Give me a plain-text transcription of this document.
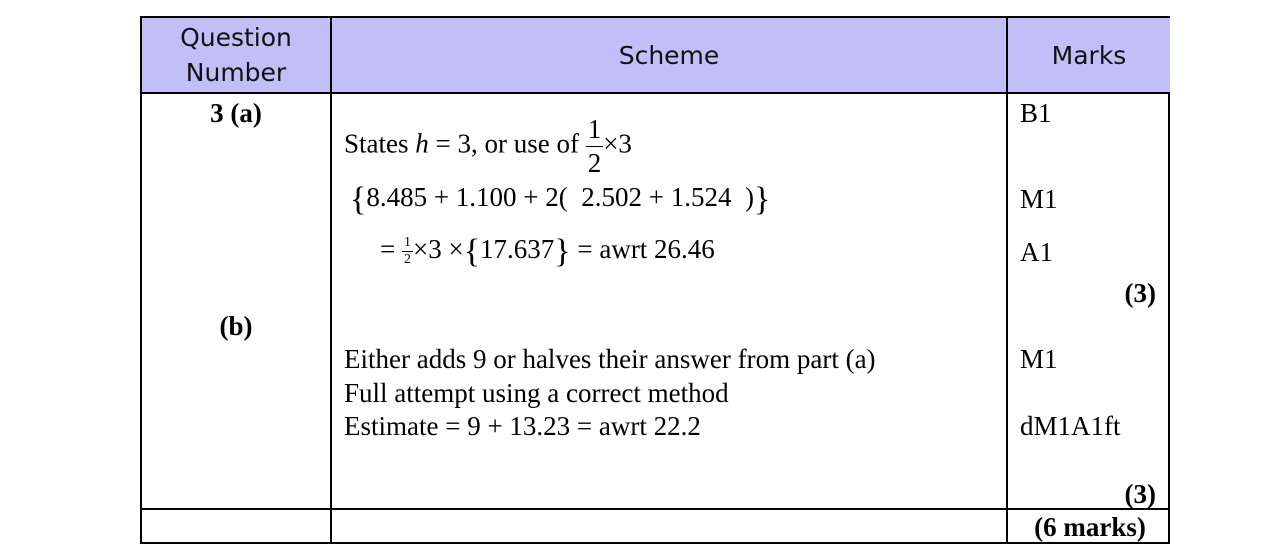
Question Number
Scheme	Marks
3 (a)
(b)
States h = 3, or use of $\frac{1}{2} \times 3$
{8.485 + 1.100 + 2(  2.502 + 1.524  )}
= $\frac{1}{2} \times 3 \times\{17.637\}$ = awrt 26.46
Either adds 9 or halves their answer from part (a)
Full attempt using a correct method
Estimate = 9 + 13.23 = awrt 22.2
B1
M1
A1
(3)
M1
dM1A1ft
(3)
(6 marks)
